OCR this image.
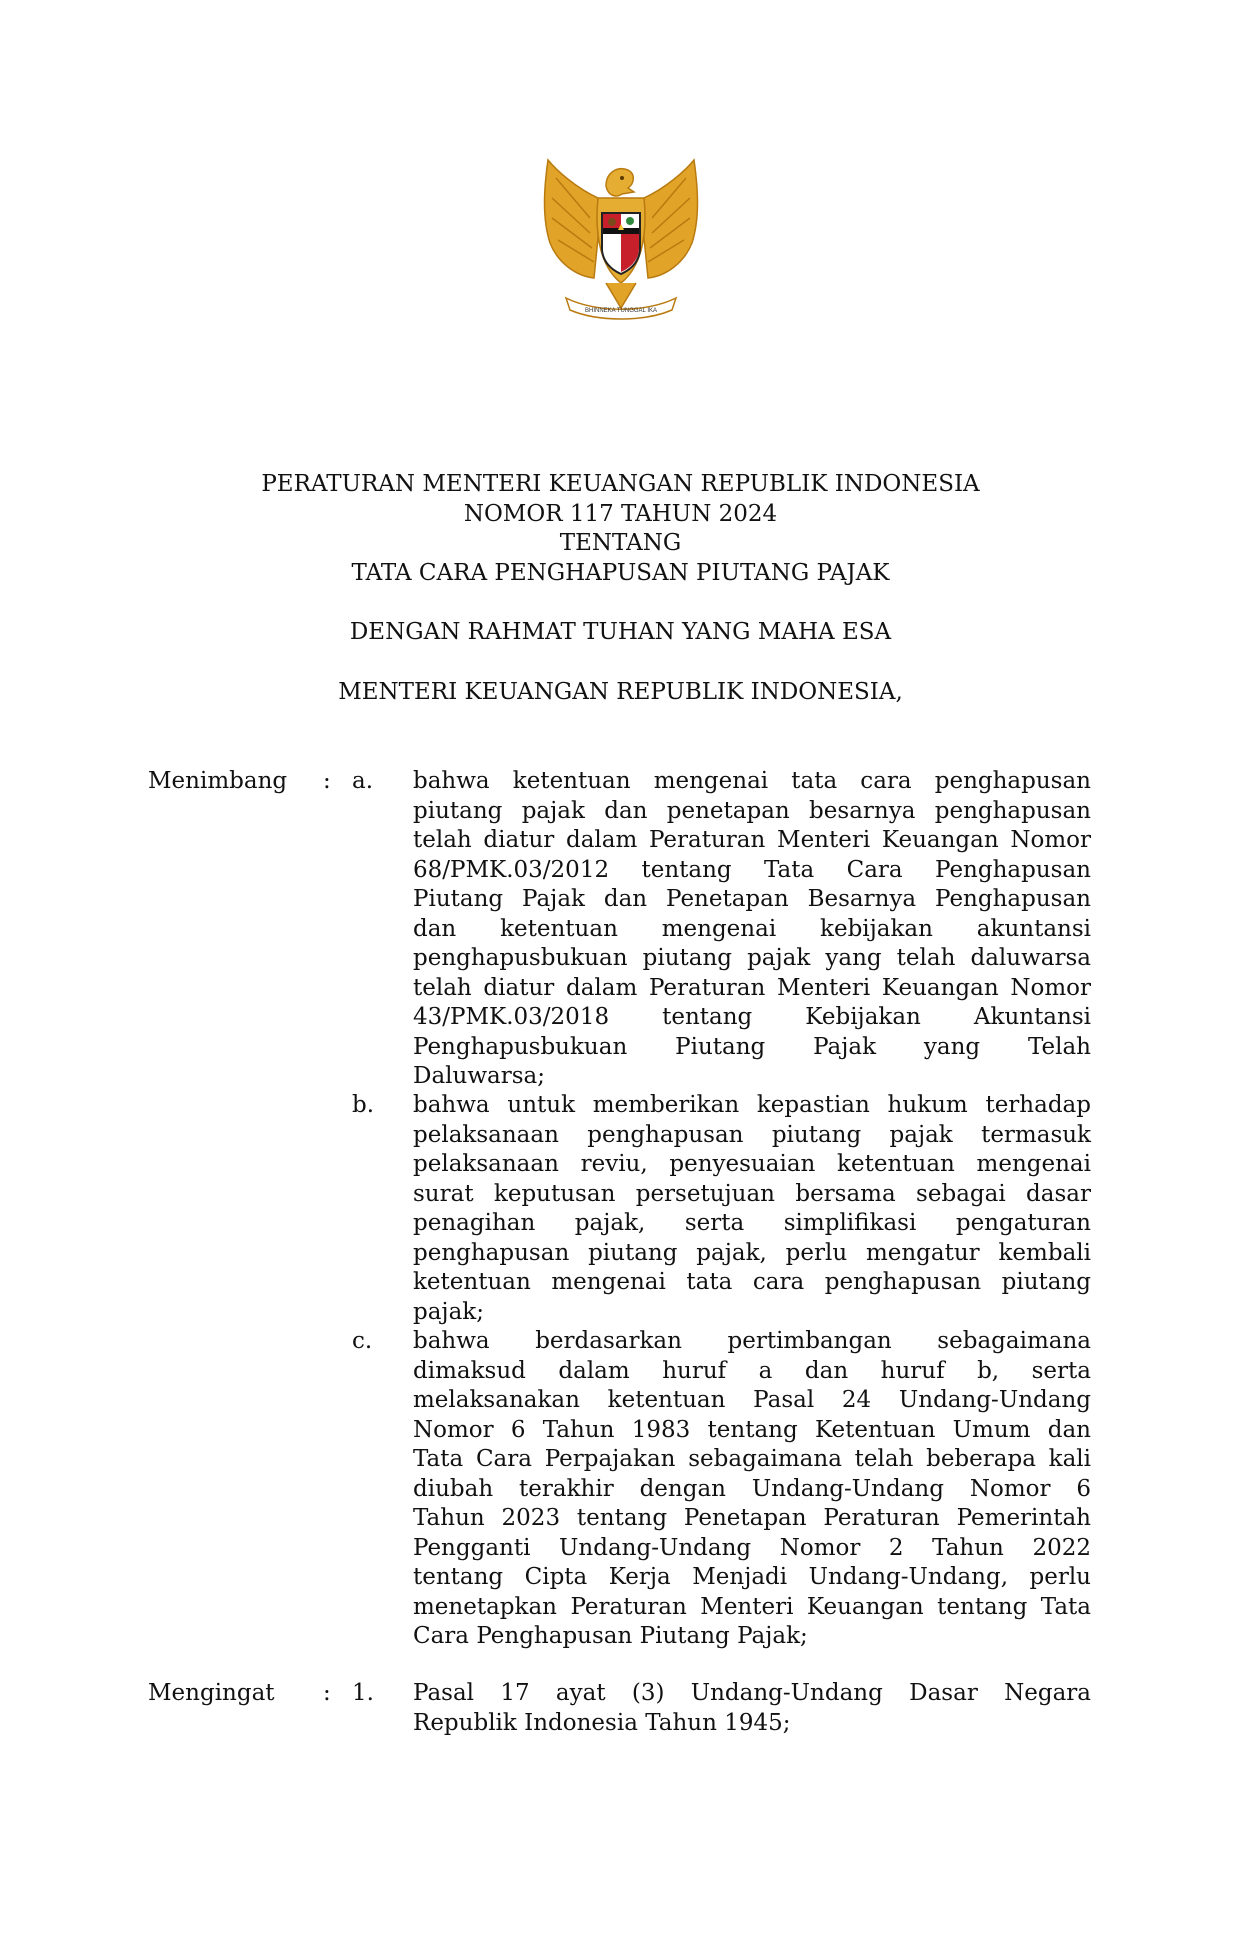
BHINNEKA TUNGGAL IKA
PERATURAN MENTERI KEUANGAN REPUBLIK INDONESIA
NOMOR 117 TAHUN 2024
TENTANG
TATA CARA PENGHAPUSAN PIUTANG PAJAK
DENGAN RAHMAT TUHAN YANG MAHA ESA
MENTERI KEUANGAN REPUBLIK INDONESIA,
Menimbang : a. bahwa ketentuan mengenai tata cara penghapusan
piutang pajak dan penetapan besarnya penghapusan
telah diatur dalam Peraturan Menteri Keuangan Nomor
68/PMK.03/2012 tentang Tata Cara Penghapusan
Piutang Pajak dan Penetapan Besarnya Penghapusan
dan ketentuan mengenai kebijakan akuntansi
penghapusbukuan piutang pajak yang telah daluwarsa
telah diatur dalam Peraturan Menteri Keuangan Nomor
43/PMK.03/2018 tentang Kebijakan Akuntansi
Penghapusbukuan Piutang Pajak yang Telah
Daluwarsa;
b. bahwa untuk memberikan kepastian hukum terhadap
pelaksanaan penghapusan piutang pajak termasuk
pelaksanaan reviu, penyesuaian ketentuan mengenai
surat keputusan persetujuan bersama sebagai dasar
penagihan pajak, serta simplifikasi pengaturan
penghapusan piutang pajak, perlu mengatur kembali
ketentuan mengenai tata cara penghapusan piutang
pajak;
c. bahwa berdasarkan pertimbangan sebagaimana
dimaksud dalam huruf a dan huruf b, serta
melaksanakan ketentuan Pasal 24 Undang-Undang
Nomor 6 Tahun 1983 tentang Ketentuan Umum dan
Tata Cara Perpajakan sebagaimana telah beberapa kali
diubah terakhir dengan Undang-Undang Nomor 6
Tahun 2023 tentang Penetapan Peraturan Pemerintah
Pengganti Undang-Undang Nomor 2 Tahun 2022
tentang Cipta Kerja Menjadi Undang-Undang, perlu
menetapkan Peraturan Menteri Keuangan tentang Tata
Cara Penghapusan Piutang Pajak;
Mengingat : 1. Pasal 17 ayat (3) Undang-Undang Dasar Negara
Republik Indonesia Tahun 1945;
